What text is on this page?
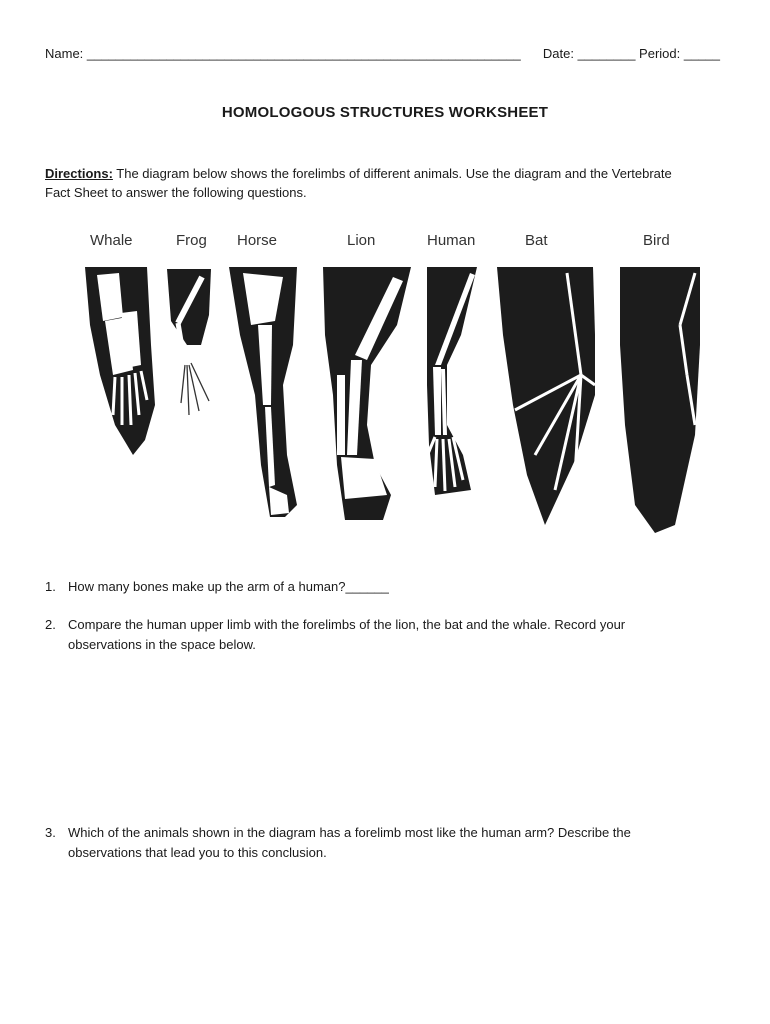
Name: ____________________________________________________________ Date: ________ Period: _____
HOMOLOGOUS STRUCTURES WORKSHEET
Directions: The diagram below shows the forelimbs of different animals. Use the diagram and the Vertebrate Fact Sheet to answer the following questions.
Whale	Frog Horse	Lion	Human	Bat	Bird
1. How many bones make up the arm of a human?______
2. Compare the human upper limb with the forelimbs of the lion, the bat and the whale. Record your observations in the space below.
3. Which of the animals shown in the diagram has a forelimb most like the human arm? Describe the observations that lead you to this conclusion.
